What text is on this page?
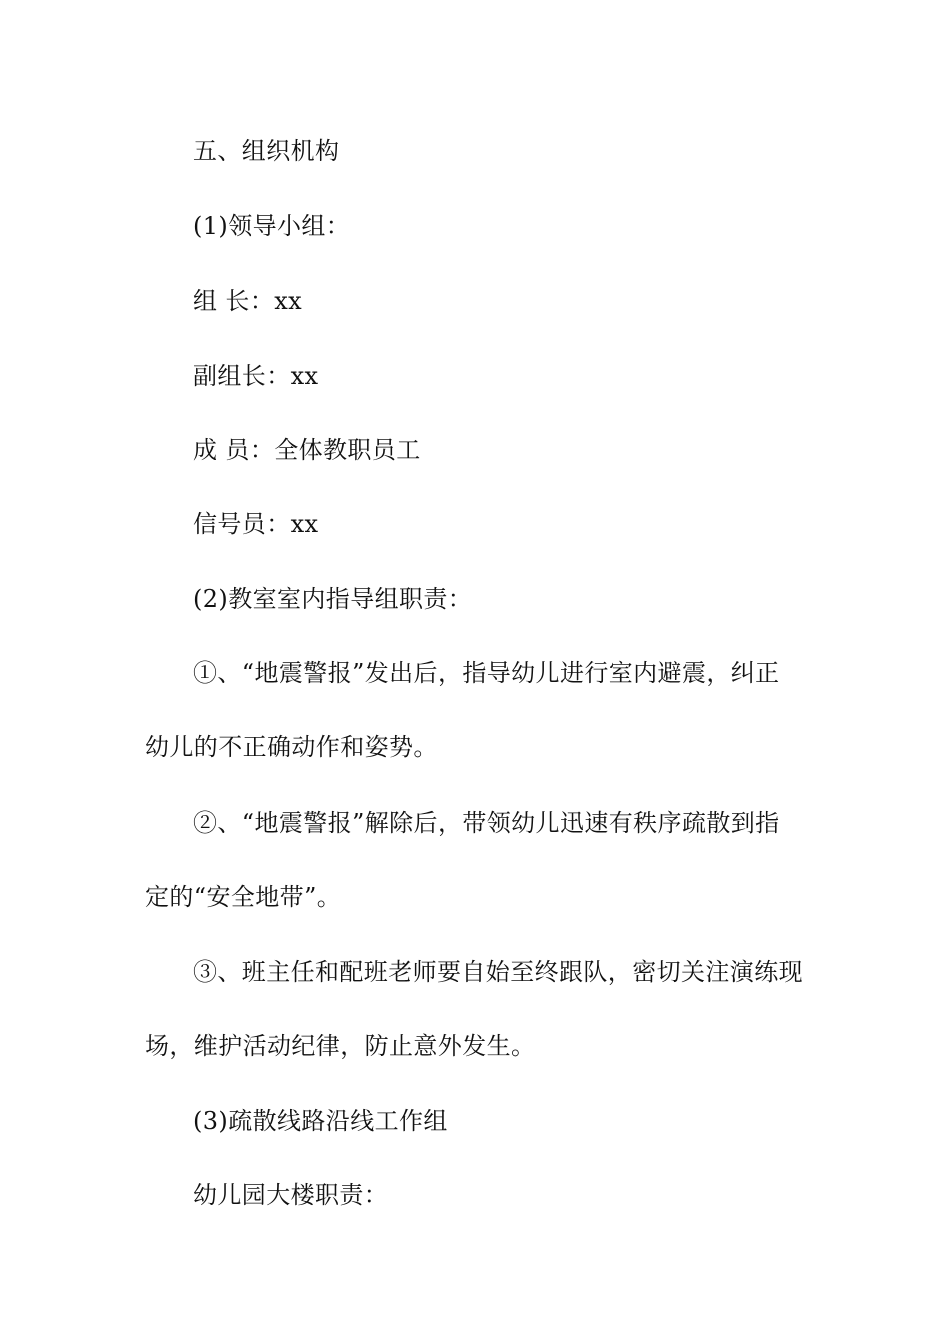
五、组织机构
(1)领导小组：
组 长：xx
副组长：xx
成 员：全体教职员工
信号员：xx
(2)教室室内指导组职责：
①、“地震警报”发出后，指导幼儿进行室内避震，纠正
幼儿的不正确动作和姿势。
②、“地震警报”解除后，带领幼儿迅速有秩序疏散到指
定的“安全地带”。
③、班主任和配班老师要自始至终跟队，密切关注演练现
场，维护活动纪律，防止意外发生。
(3)疏散线路沿线工作组
幼儿园大楼职责：
